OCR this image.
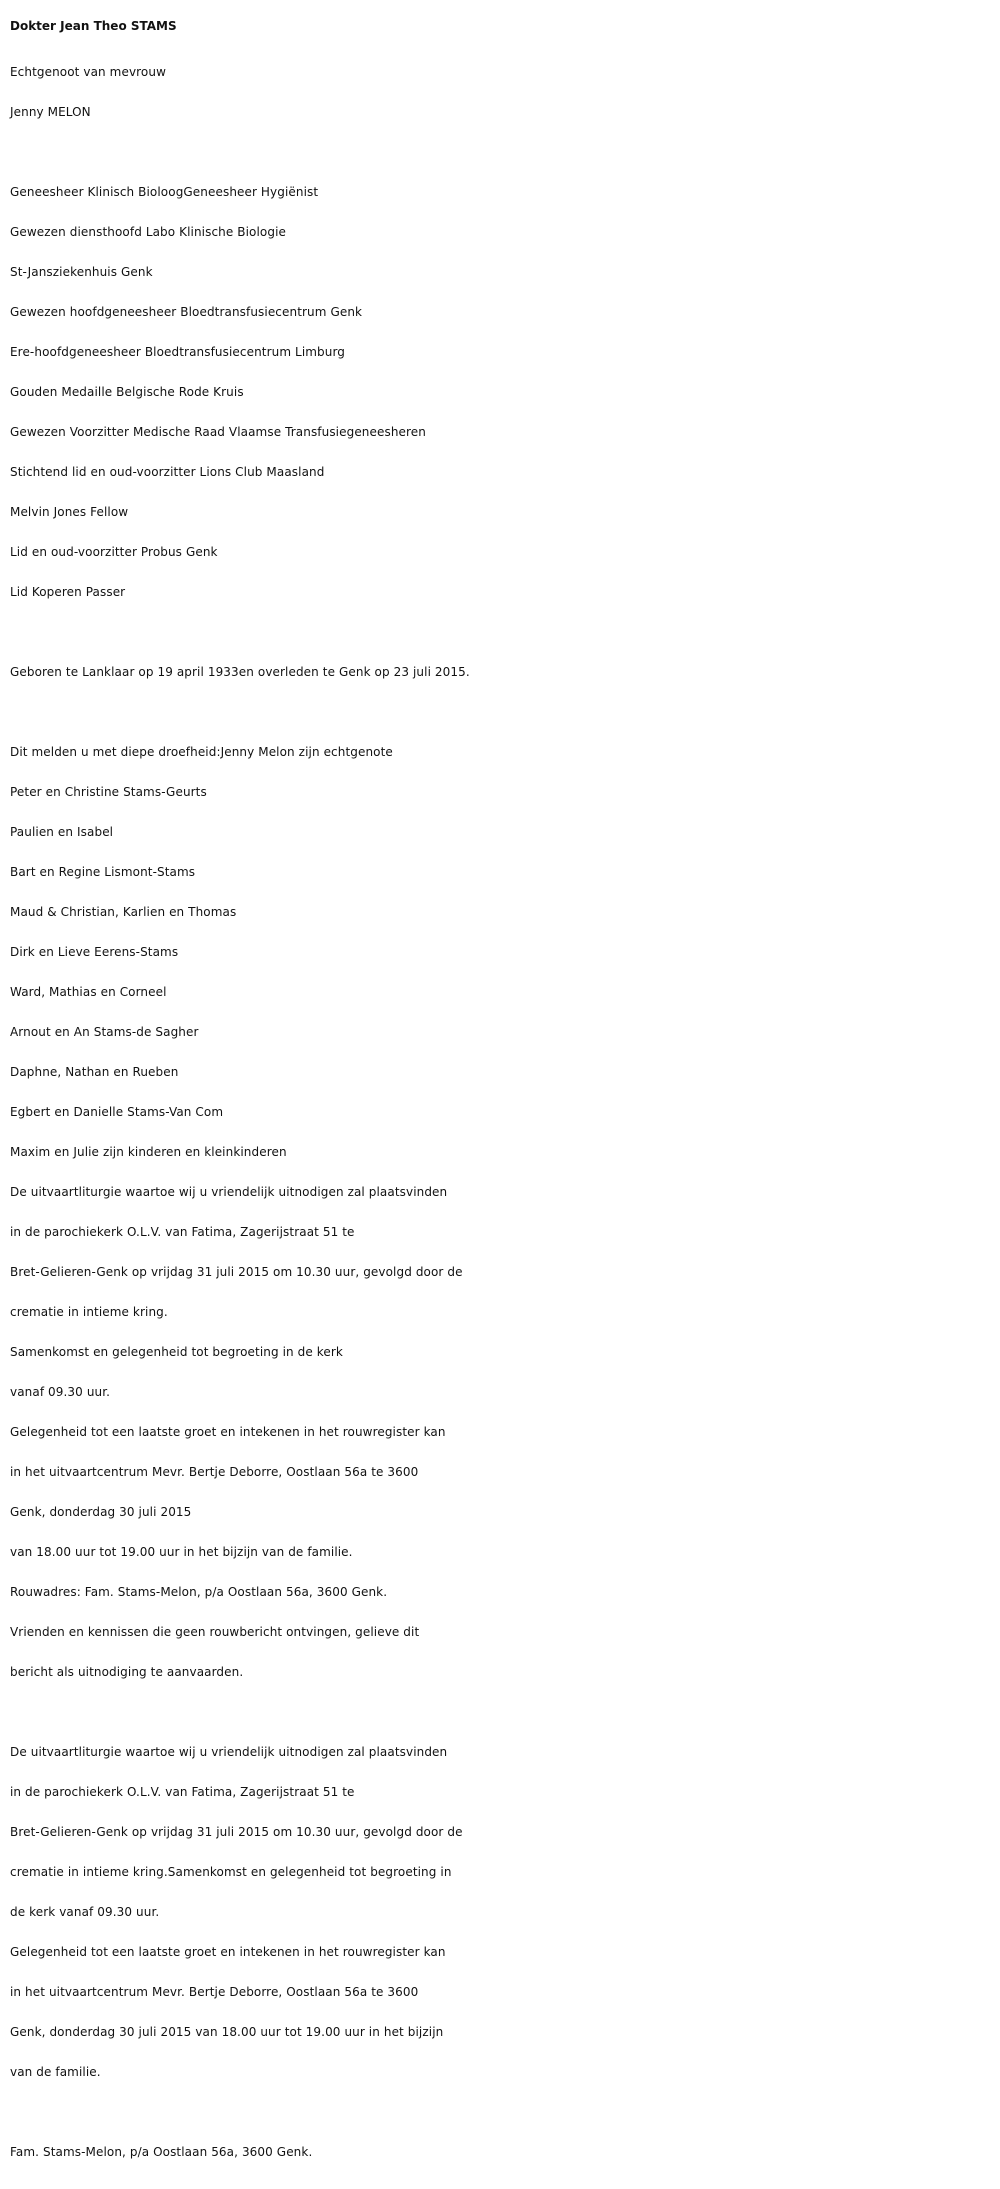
Dokter Jean Theo STAMS
Echtgenoot van mevrouw
Jenny MELON
Geneesheer Klinisch BioloogGeneesheer Hygiënist
Gewezen diensthoofd Labo Klinische Biologie
St-Jansziekenhuis Genk
Gewezen hoofdgeneesheer Bloedtransfusiecentrum Genk
Ere-hoofdgeneesheer Bloedtransfusiecentrum Limburg
Gouden Medaille Belgische Rode Kruis
Gewezen Voorzitter Medische Raad Vlaamse Transfusiegeneesheren
Stichtend lid en oud-voorzitter Lions Club Maasland
Melvin Jones Fellow
Lid en oud-voorzitter Probus Genk
Lid Koperen Passer
Geboren te Lanklaar op 19 april 1933en overleden te Genk op 23 juli 2015.
Dit melden u met diepe droefheid:Jenny Melon zijn echtgenote
Peter en Christine Stams-Geurts
Paulien en Isabel
Bart en Regine Lismont-Stams
Maud & Christian, Karlien en Thomas
Dirk en Lieve Eerens-Stams
Ward, Mathias en Corneel
Arnout en An Stams-de Sagher
Daphne, Nathan en Rueben
Egbert en Danielle Stams-Van Com
Maxim en Julie zijn kinderen en kleinkinderen
De uitvaartliturgie waartoe wij u vriendelijk uitnodigen zal plaatsvinden
in de parochiekerk O.L.V. van Fatima, Zagerijstraat 51 te
Bret-Gelieren-Genk op vrijdag 31 juli 2015 om 10.30 uur, gevolgd door de
crematie in intieme kring.
Samenkomst en gelegenheid tot begroeting in de kerk
vanaf 09.30 uur.
Gelegenheid tot een laatste groet en intekenen in het rouwregister kan
in het uitvaartcentrum Mevr. Bertje Deborre, Oostlaan 56a te 3600
Genk, donderdag 30 juli 2015
van 18.00 uur tot 19.00 uur in het bijzijn van de familie.
Rouwadres: Fam. Stams-Melon, p/a Oostlaan 56a, 3600 Genk.
Vrienden en kennissen die geen rouwbericht ontvingen, gelieve dit
bericht als uitnodiging te aanvaarden.
De uitvaartliturgie waartoe wij u vriendelijk uitnodigen zal plaatsvinden
in de parochiekerk O.L.V. van Fatima, Zagerijstraat 51 te
Bret-Gelieren-Genk op vrijdag 31 juli 2015 om 10.30 uur, gevolgd door de
crematie in intieme kring.Samenkomst en gelegenheid tot begroeting in
de kerk vanaf 09.30 uur.
Gelegenheid tot een laatste groet en intekenen in het rouwregister kan
in het uitvaartcentrum Mevr. Bertje Deborre, Oostlaan 56a te 3600
Genk, donderdag 30 juli 2015 van 18.00 uur tot 19.00 uur in het bijzijn
van de familie.
Fam. Stams-Melon, p/a Oostlaan 56a, 3600 Genk.
